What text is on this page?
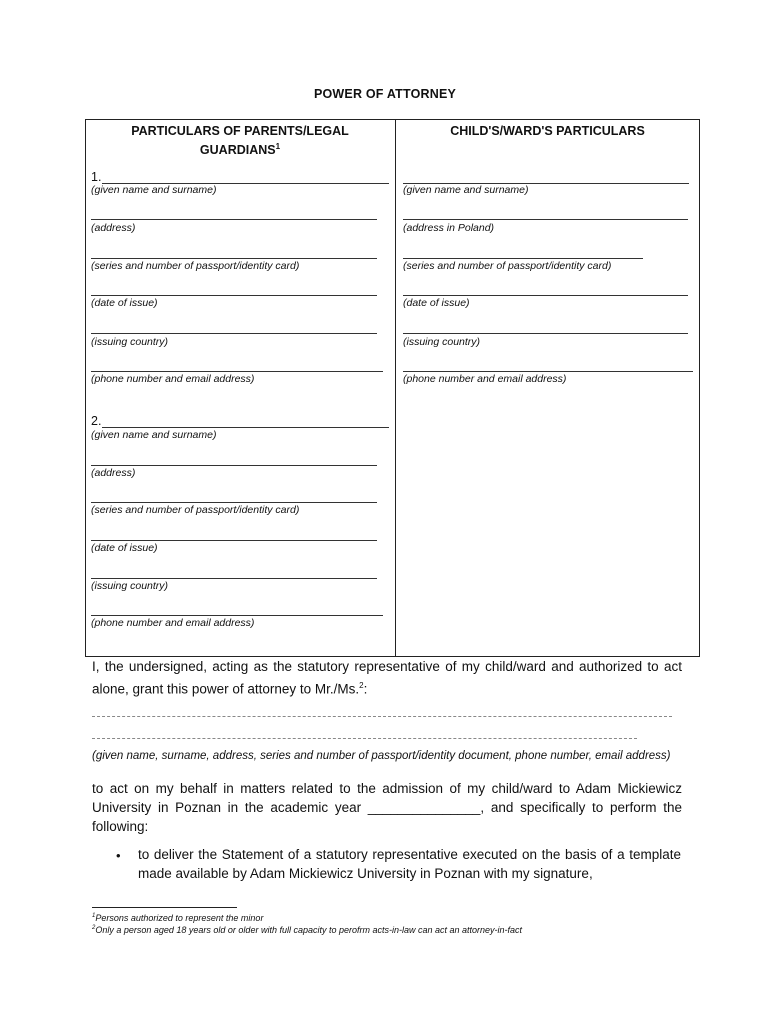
POWER OF ATTORNEY
PARTICULARS OF PARENTS/LEGAL GUARDIANS$^1$
CHILD'S/WARD'S PARTICULARS
1.
(given name and surname)
(address)
(series and number of passport/identity card)
(date of issue)
(issuing country)
(phone number and email address)
2.
(given name and surname)
(address)
(series and number of passport/identity card)
(date of issue)
(issuing country)
(phone number and email address)
(given name and surname)
(address in Poland)
(series and number of passport/identity card)
(date of issue)
(issuing country)
(phone number and email address)
I, the undersigned, acting as the statutory representative of my child/ward and authorized to act alone, grant this power of attorney to Mr./Ms.$^2$:
(given name, surname, address, series and number of passport/identity document, phone number, email address)
to act on my behalf in matters related to the admission of my child/ward to Adam Mickiewicz University in Poznan in the academic year _______________, and specifically to perform the following:
• to deliver the Statement of a statutory representative executed on the basis of a template made available by Adam Mickiewicz University in Poznan with my signature,
$^1$Persons authorized to represent the minor
$^2$Only a person aged 18 years old or older with full capacity to perofrm acts-in-law can act an attorney-in-fact
